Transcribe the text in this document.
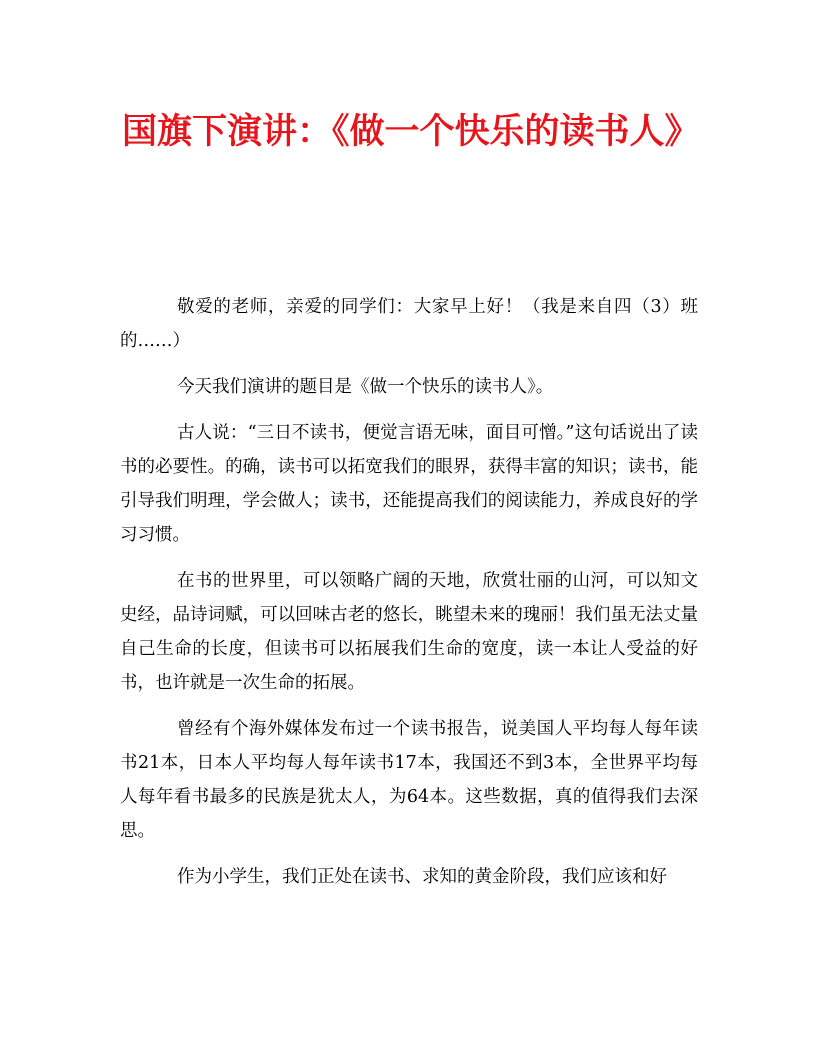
国旗下演讲：《做一个快乐的读书人》

敬爱的老师，亲爱的同学们：大家早上好！（我是来自四（3）班的……）

今天我们演讲的题目是《做一个快乐的读书人》。

古人说：“三日不读书，便觉言语无味，面目可憎。”这句话说出了读书的必要性。的确，读书可以拓宽我们的眼界，获得丰富的知识；读书，能引导我们明理，学会做人；读书，还能提高我们的阅读能力，养成良好的学习习惯。

在书的世界里，可以领略广阔的天地，欣赏壮丽的山河，可以知文史经，品诗词赋，可以回味古老的悠长，眺望未来的瑰丽！我们虽无法丈量自己生命的长度，但读书可以拓展我们生命的宽度，读一本让人受益的好书，也许就是一次生命的拓展。

曾经有个海外媒体发布过一个读书报告，说美国人平均每人每年读书21本，日本人平均每人每年读书17本，我国还不到3本，全世界平均每人每年看书最多的民族是犹太人，为64本。这些数据，真的值得我们去深思。

作为小学生，我们正处在读书、求知的黄金阶段，我们应该和好
